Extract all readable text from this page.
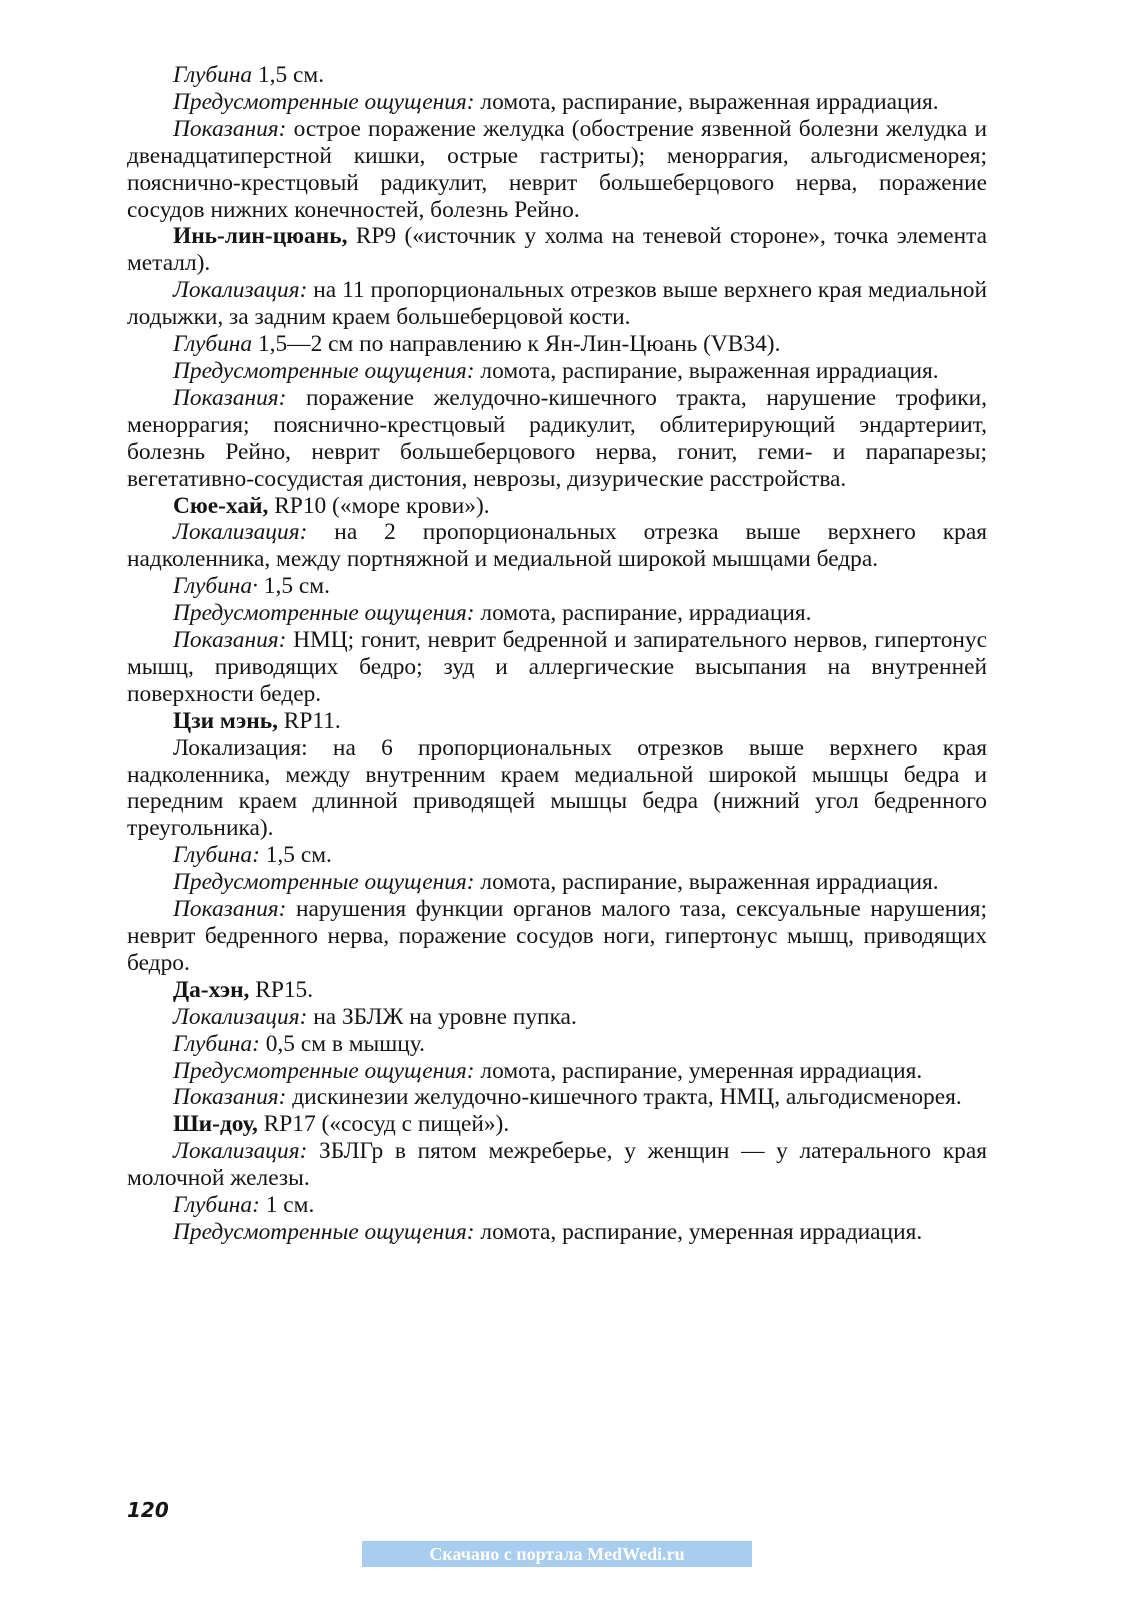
Глубина 1,5 см.

Предусмотренные ощущения: ломота, распирание, выраженная иррадиация.

Показания: острое поражение желудка (обострение язвенной болезни желудка и двенадцатиперстной кишки, острые гастриты); меноррагия, альгодисменорея; пояснично-крестцовый радикулит, неврит большеберцового нерва, поражение сосудов нижних конечностей, болезнь Рейно.

Инь-лин-цюань, RP9 («источник у холма на теневой стороне», точка элемента металл).

Локализация: на 11 пропорциональных отрезков выше верхнего края медиальной лодыжки, за задним краем большеберцовой кости.

Глубина 1,5—2 см по направлению к Ян-Лин-Цюань (VB34).

Предусмотренные ощущения: ломота, распирание, выраженная иррадиация.

Показания: поражение желудочно-кишечного тракта, нарушение трофики, меноррагия; пояснично-крестцовый радикулит, облитерирующий эндартериит, болезнь Рейно, неврит большеберцового нерва, гонит, геми- и парапарезы; вегетативно-сосудистая дистония, неврозы, дизурические расстройства.

Сюе-хай, RP10 («море крови»).

Локализация: на 2 пропорциональных отрезка выше верхнего края надколенника, между портняжной и медиальной широкой мышцами бедра.

Глубина· 1,5 см.

Предусмотренные ощущения: ломота, распирание, иррадиация.

Показания: НМЦ; гонит, неврит бедренной и запирательного нервов, гипертонус мышц, приводящих бедро; зуд и аллергические высыпания на внутренней поверхности бедер.

Цзи мэнь, RP11.

Локализация: на 6 пропорциональных отрезков выше верхнего края надколенника, между внутренним краем медиальной широкой мышцы бедра и передним краем длинной приводящей мышцы бедра (нижний угол бедренного треугольника).

Глубина: 1,5 см.

Предусмотренные ощущения: ломота, распирание, выраженная иррадиация.

Показания: нарушения функции органов малого таза, сексуальные нарушения; неврит бедренного нерва, поражение сосудов ноги, гипертонус мышц, приводящих бедро.

Да-хэн, RP15.

Локализация: на ЗБЛЖ на уровне пупка.

Глубина: 0,5 см в мышцу.

Предусмотренные ощущения: ломота, распирание, умеренная иррадиация.

Показания: дискинезии желудочно-кишечного тракта, НМЦ, альгодисменорея.

Ши-доу, RP17 («сосуд с пищей»).

Локализация: ЗБЛГр в пятом межреберье, у женщин — у латерального края молочной железы.

Глубина: 1 см.

Предусмотренные ощущения: ломота, распирание, умеренная иррадиация.

120
Скачано с портала MedWedi.ru
